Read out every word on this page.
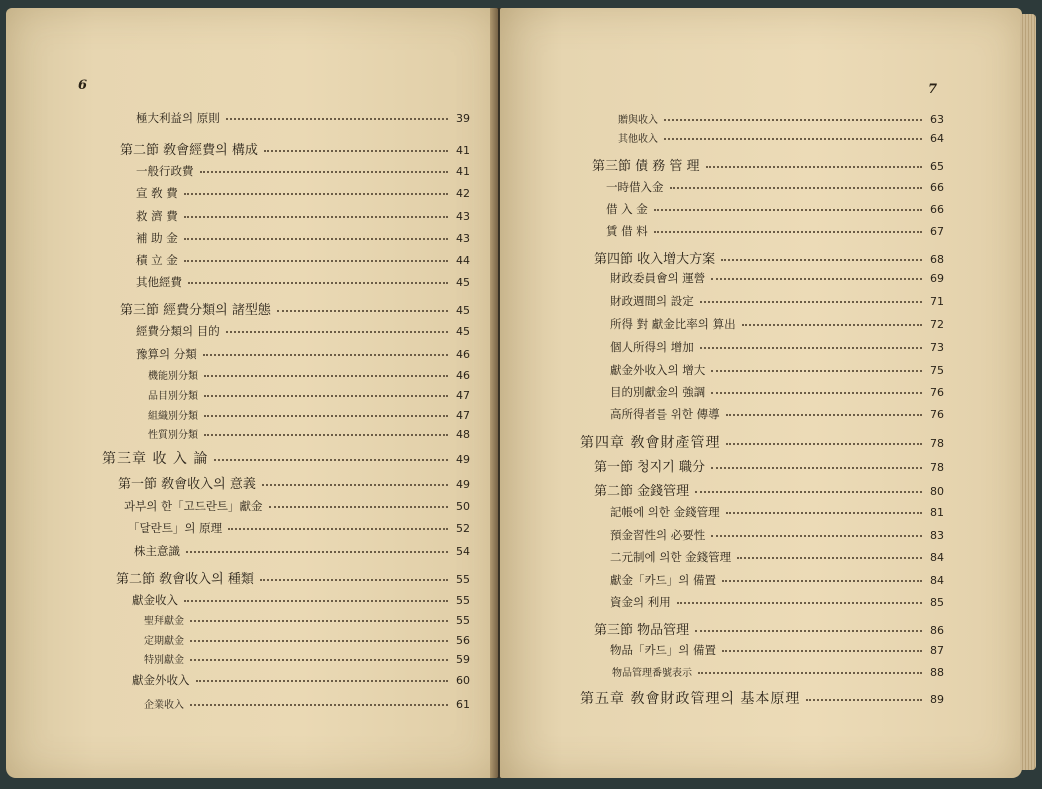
6
極大利益의 原則	39
第二節 敎會經費의 構成	41
一般行政費	41
宣 敎 費	42
救 濟 費	43
補 助 金	43
積 立 金	44
其他經費	45
第三節 經費分類의 諸型態	45
經費分類의 目的	45
豫算의 分類	46
機能別分類	46
品目別分類	47
組織別分類	47
性質別分類	48
第三章 收 入 論	49
第一節 敎會收入의 意義	49
과부의 한「고드란트」獻金	50
「달란트」의 原理	52
株主意識	54
第二節 敎會收入의 種類	55
獻金收入	55
聖拜獻金	55
定期獻金	56
特別獻金	59
獻金外收入	60
企業收入	61
7
贈與收入	63
其他收入	64
第三節 債 務 管 理	65
一時借入金	66
借 入 金	66
賃 借 料	67
第四節 收入增大方案	68
財政委員會의 運營	69
財政週間의 設定	71
所得 對 獻金比率의 算出	72
個人所得의 增加	73
獻金外收入의 增大	75
目的別獻金의 強調	76
高所得者를 위한 傳導	76
第四章 敎會財產管理	78
第一節 청지기 職分	78
第二節 金錢管理	80
記帳에 의한 金錢管理	81
預金習性의 必要性	83
二元制에 의한 金錢管理	84
獻金「카드」의 備置	84
資金의 利用	85
第三節 物品管理	86
物品「카드」의 備置	87
物品管理番號表示	88
第五章 敎會財政管理의 基本原理	89
